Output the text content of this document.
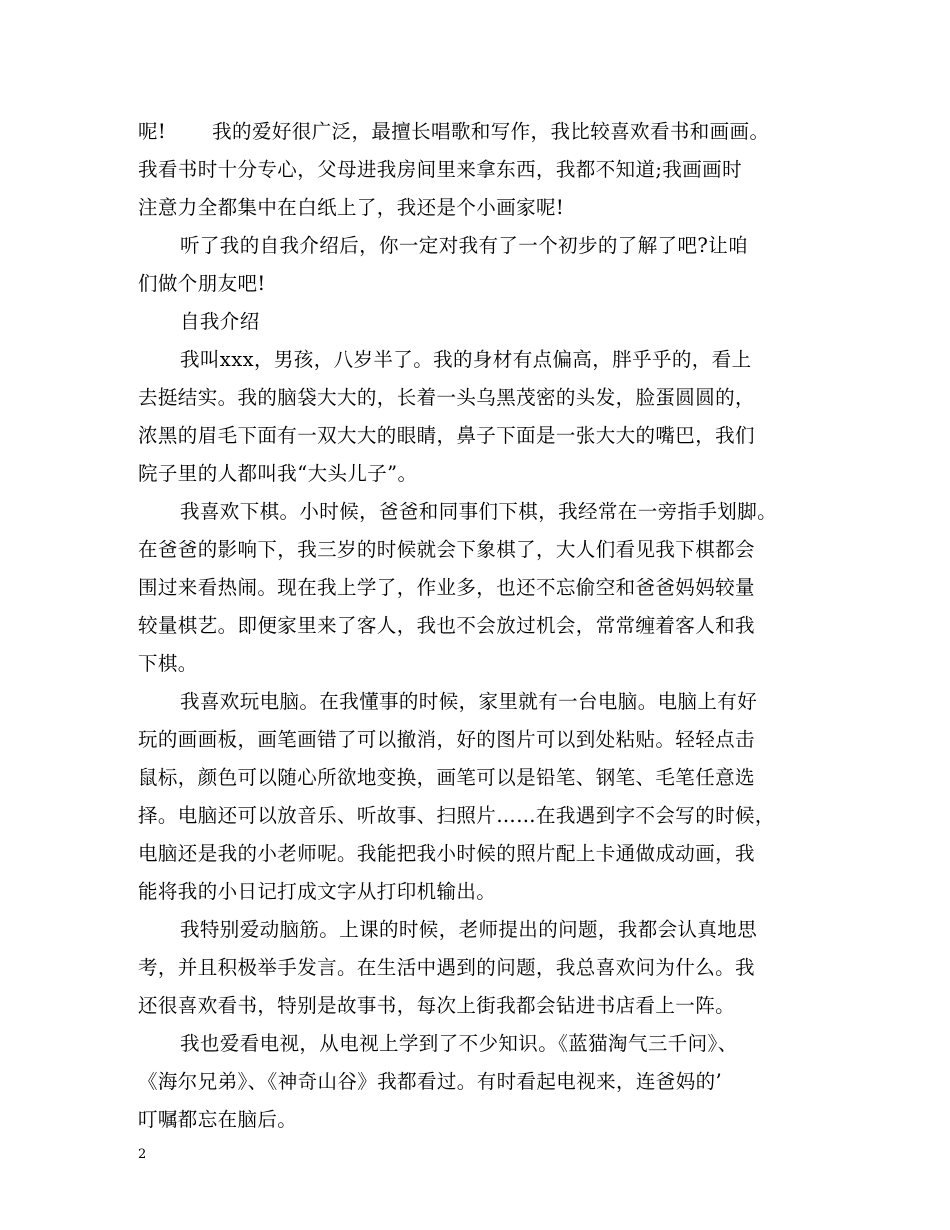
呢! 我的爱好很广泛，最擅长唱歌和写作，我比较喜欢看书和画画。
我看书时十分专心，父母进我房间里来拿东西，我都不知道;我画画时
注意力全都集中在白纸上了，我还是个小画家呢!
听了我的自我介绍后，你一定对我有了一个初步的了解了吧?让咱
们做个朋友吧!
自我介绍
我叫xxx，男孩，八岁半了。我的身材有点偏高，胖乎乎的，看上
去挺结实。我的脑袋大大的，长着一头乌黑茂密的头发，脸蛋圆圆的，
浓黑的眉毛下面有一双大大的眼睛，鼻子下面是一张大大的嘴巴，我们
院子里的人都叫我“大头儿子”。
我喜欢下棋。小时候，爸爸和同事们下棋，我经常在一旁指手划脚。
在爸爸的影响下，我三岁的时候就会下象棋了，大人们看见我下棋都会
围过来看热闹。现在我上学了，作业多，也还不忘偷空和爸爸妈妈较量
较量棋艺。即便家里来了客人，我也不会放过机会，常常缠着客人和我
下棋。
我喜欢玩电脑。在我懂事的时候，家里就有一台电脑。电脑上有好
玩的画画板，画笔画错了可以撤消，好的图片可以到处粘贴。轻轻点击
鼠标，颜色可以随心所欲地变换，画笔可以是铅笔、钢笔、毛笔任意选
择。电脑还可以放音乐、听故事、扫照片……在我遇到字不会写的时候，
电脑还是我的小老师呢。我能把我小时候的照片配上卡通做成动画，我
能将我的小日记打成文字从打印机输出。
我特别爱动脑筋。上课的时候，老师提出的问题，我都会认真地思
考，并且积极举手发言。在生活中遇到的问题，我总喜欢问为什么。我
还很喜欢看书，特别是故事书，每次上街我都会钻进书店看上一阵。
我也爱看电视，从电视上学到了不少知识。《蓝猫淘气三千问》、
《海尔兄弟》、《神奇山谷》我都看过。有时看起电视来，连爸妈的’
叮嘱都忘在脑后。
2
